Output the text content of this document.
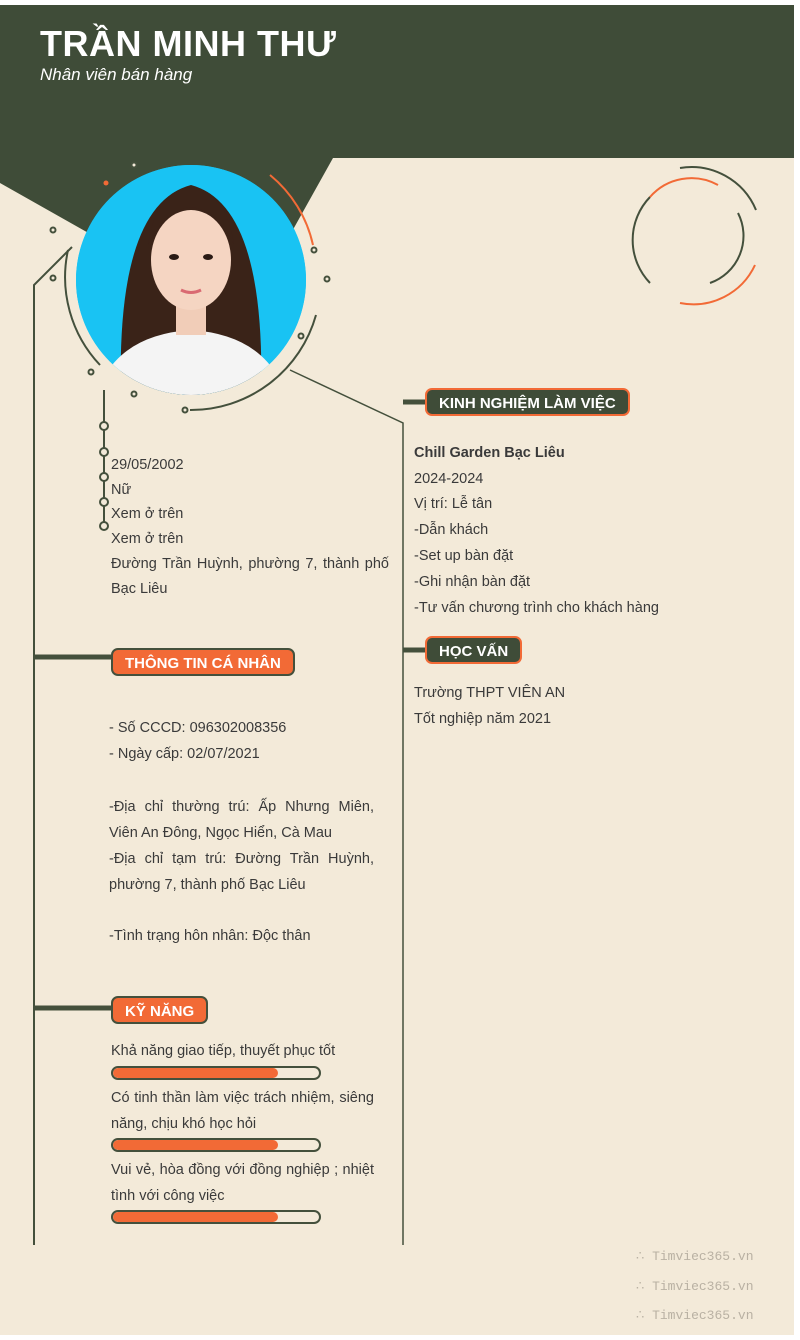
TRẦN MINH THƯ
Nhân viên bán hàng
29/05/2002
Nữ
Xem ở trên
Xem ở trên
Đường Trần Huỳnh, phường 7, thành phố Bạc Liêu
THÔNG TIN CÁ NHÂN
- Số CCCD: 096302008356
- Ngày cấp: 02/07/2021
-Địa chỉ thường trú: Ấp Nhưng Miên, Viên An Đông, Ngọc Hiển, Cà Mau
-Địa chỉ tạm trú: Đường Trần Huỳnh, phường 7, thành phố Bạc Liêu
-Tình trạng hôn nhân: Độc thân
KỸ NĂNG
Khả năng giao tiếp, thuyết phục tốt
Có tinh thần làm việc trách nhiệm, siêng năng, chịu khó học hỏi
Vui vẻ, hòa đồng với đồng nghiệp ; nhiệt tình với công việc
KINH NGHIỆM LÀM VIỆC
Chill Garden Bạc Liêu
2024-2024
Vị trí: Lễ tân
-Dẫn khách
-Set up bàn đặt
-Ghi nhận bàn đặt
-Tư vấn chương trình cho khách hàng
HỌC VẤN
Trường THPT VIÊN AN
Tốt nghiệp năm 2021
∴ Timviec365.vn
∴ Timviec365.vn
∴ Timviec365.vn
